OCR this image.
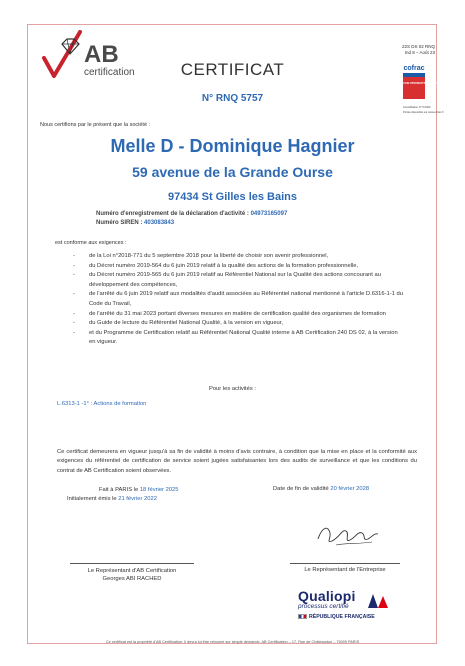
AB
certification
22S DS 02 RNQ
Ind 8 – Août 23
cofrac
CERTIFICATION DE PRODUITS ET SERVICES
Accréditation N° 5-0000
Portée disponible sur www.cofrac.fr
CERTIFICAT
N° RNQ 5757
Nous certifions par le présent que la société :
Melle D - Dominique Hagnier
59 avenue de la Grande Ourse
97434 St Gilles les Bains
Numéro d'enregistrement de la déclaration d'activité : 04973165097
Numéro SIREN : 403083843
est conforme aux exigences :
- de la Loi n°2018-771 du 5 septembre 2018 pour la liberté de choisir son avenir professionnel,
- du Décret numéro 2019-564 du 6 juin 2019 relatif à la qualité des actions de la formation professionnelle,
- du Décret numéro 2019-565 du 6 juin 2019 relatif au Référentiel National sur la Qualité des actions concourant au développement des compétences,
- de l'arrêté du 6 juin 2019 relatif aux modalités d'audit associées au Référentiel national mentionné à l'article D.6316-1-1 du Code du Travail,
- de l'arrêté du 31 mai 2023 portant diverses mesures en matière de certification qualité des organismes de formation
- du Guide de lecture du Référentiel National Qualité, à la version en vigueur,
- et du Programme de Certification relatif au Référentiel National Qualité interne à AB Certification 240 DS 02, à la version en vigueur.
Pour les activités :
L.6313-1 -1° : Actions de formation
Ce certificat demeurera en vigueur jusqu'à sa fin de validité à moins d'avis contraire, à condition que la mise en place et la conformité aux exigences du référentiel de certification de service soient jugées satisfaisantes lors des audits de surveillance et que les conditions du contrat de AB Certification soient observées.
Fait à PARIS le 18 février 2025
Initialement émis le 21 février 2022
Date de fin de validité 20 février 2028
Le Représentant d'AB Certification
Georges ABI RACHED
Le Représentant de l'Entreprise
Qualiopi
processus certifié
RÉPUBLIQUE FRANÇAISE
Ce certificat est la propriété d'AB Certification. Il devra lui être retourné sur simple demande. AB Certification – 17, Rue de Châteaudun – 75009 PARIS
